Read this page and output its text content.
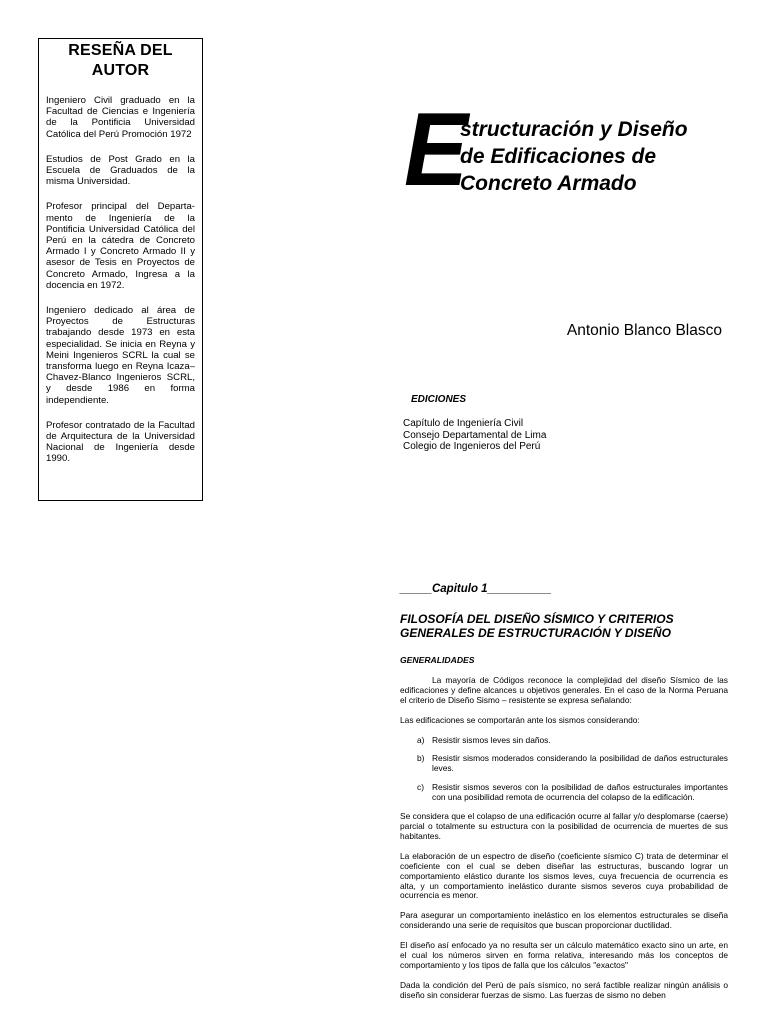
RESEÑA DEL AUTOR

Ingeniero Civil graduado en la Facultad de Ciencias e Ingeniería de la Pontificia Universidad Católica del Perú Promoción 1972

Estudios de Post Grado en la Escuela de Graduados de la misma Universidad.

Profesor principal del Departa-mento de Ingeniería de la Pontificia Universidad Católica del Perú en la cátedra de Concreto Armado I y Concreto Armado II y asesor de Tesis en Proyectos de Concreto Armado, Ingresa a la docencia en 1972.

Ingeniero dedicado al área de Proyectos de Estructuras trabajando desde 1973 en esta especialidad. Se inicia en Reyna y Meini Ingenieros SCRL la cual se transforma luego en Reyna Icaza–Chavez-Blanco Ingenieros SCRL, y desde 1986 en forma independiente.

Profesor contratado de la Facultad de Arquitectura de la Universidad Nacional de Ingeniería desde 1990.

E

structuración y Diseño

de Edificaciones de

Concreto Armado

Antonio Blanco Blasco

EDICIONES

Capítulo de Ingeniería Civil
Consejo Departamental de Lima
Colegio de Ingenieros del Perú

_____Capitulo 1__________

FILOSOFÍA DEL DISEÑO SÍSMICO Y CRITERIOS GENERALES DE ESTRUCTURACIÓN Y DISEÑO

GENERALIDADES

La mayoría de Códigos reconoce la complejidad del diseño Sísmico de las edificaciones y define alcances u objetivos generales. En el caso de la Norma Peruana el criterio de Diseño Sismo – resistente se expresa señalando:

Las edificaciones se comportarán ante los sismos considerando:

a) Resistir sismos leves sin daños.
b) Resistir sismos moderados considerando la posibilidad de daños estructurales leves.
c) Resistir sismos severos con la posibilidad de daños estructurales importantes con una posibilidad remota de ocurrencia del colapso de la edificación.

Se considera que el colapso de una edificación ocurre al fallar y/o desplomarse (caerse) parcial o totalmente su estructura con la posibilidad de ocurrencia de muertes de sus habitantes.

La elaboración de un espectro de diseño (coeficiente sísmico C) trata de determinar el coeficiente con el cual se deben diseñar las estructuras, buscando lograr un comportamiento elástico durante los sismos leves, cuya frecuencia de ocurrencia es alta, y un comportamiento inelástico durante sismos severos cuya probabilidad de ocurrencia es menor.

Para asegurar un comportamiento inelástico en los elementos estructurales se diseña considerando una serie de requisitos que buscan proporcionar ductilidad.

El diseño así enfocado ya no resulta ser un cálculo matemático exacto sino un arte, en el cual los números sirven en forma relativa, interesando más los conceptos de comportamiento y los tipos de falla que los cálculos "exactos"

Dada la condición del Perú de país sísmico, no será factible realizar ningún análisis o diseño sin considerar fuerzas de sismo. Las fuerzas de sismo no deben
